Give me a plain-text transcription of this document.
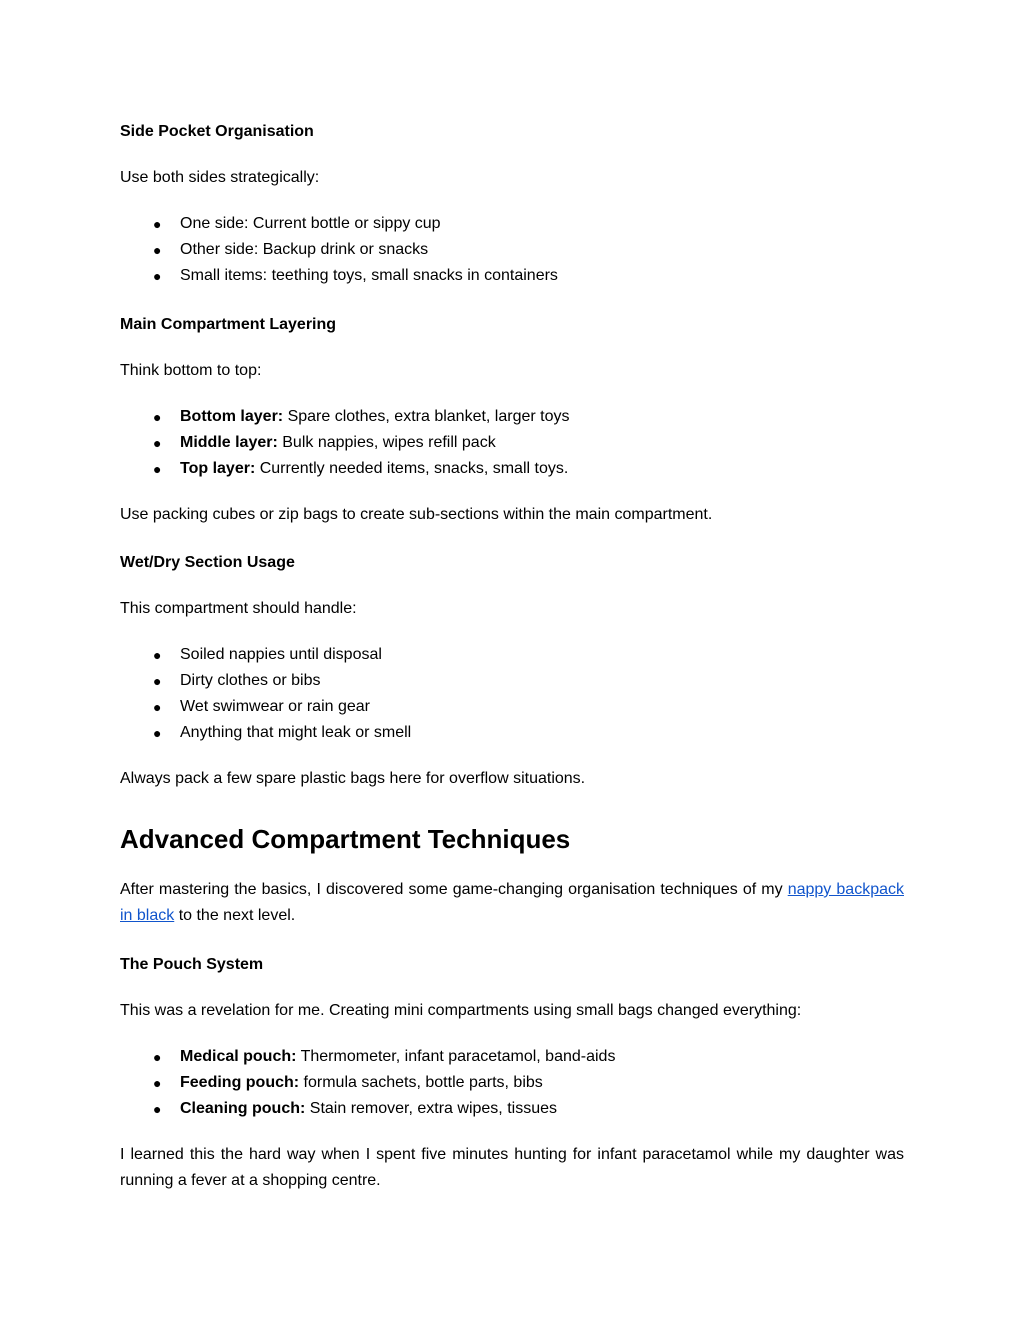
Side Pocket Organisation
Use both sides strategically:
● One side: Current bottle or sippy cup
● Other side: Backup drink or snacks
● Small items: teething toys, small snacks in containers
Main Compartment Layering
Think bottom to top:
● Bottom layer: Spare clothes, extra blanket, larger toys
● Middle layer: Bulk nappies, wipes refill pack
● Top layer: Currently needed items, snacks, small toys.
Use packing cubes or zip bags to create sub-sections within the main compartment.
Wet/Dry Section Usage
This compartment should handle:
● Soiled nappies until disposal
● Dirty clothes or bibs
● Wet swimwear or rain gear
● Anything that might leak or smell
Always pack a few spare plastic bags here for overflow situations.
Advanced Compartment Techniques
After mastering the basics, I discovered some game-changing organisation techniques of my nappy backpack in black to the next level.
The Pouch System
This was a revelation for me. Creating mini compartments using small bags changed everything:
● Medical pouch: Thermometer, infant paracetamol, band-aids
● Feeding pouch: formula sachets, bottle parts, bibs
● Cleaning pouch: Stain remover, extra wipes, tissues
I learned this the hard way when I spent five minutes hunting for infant paracetamol while my daughter was running a fever at a shopping centre.
